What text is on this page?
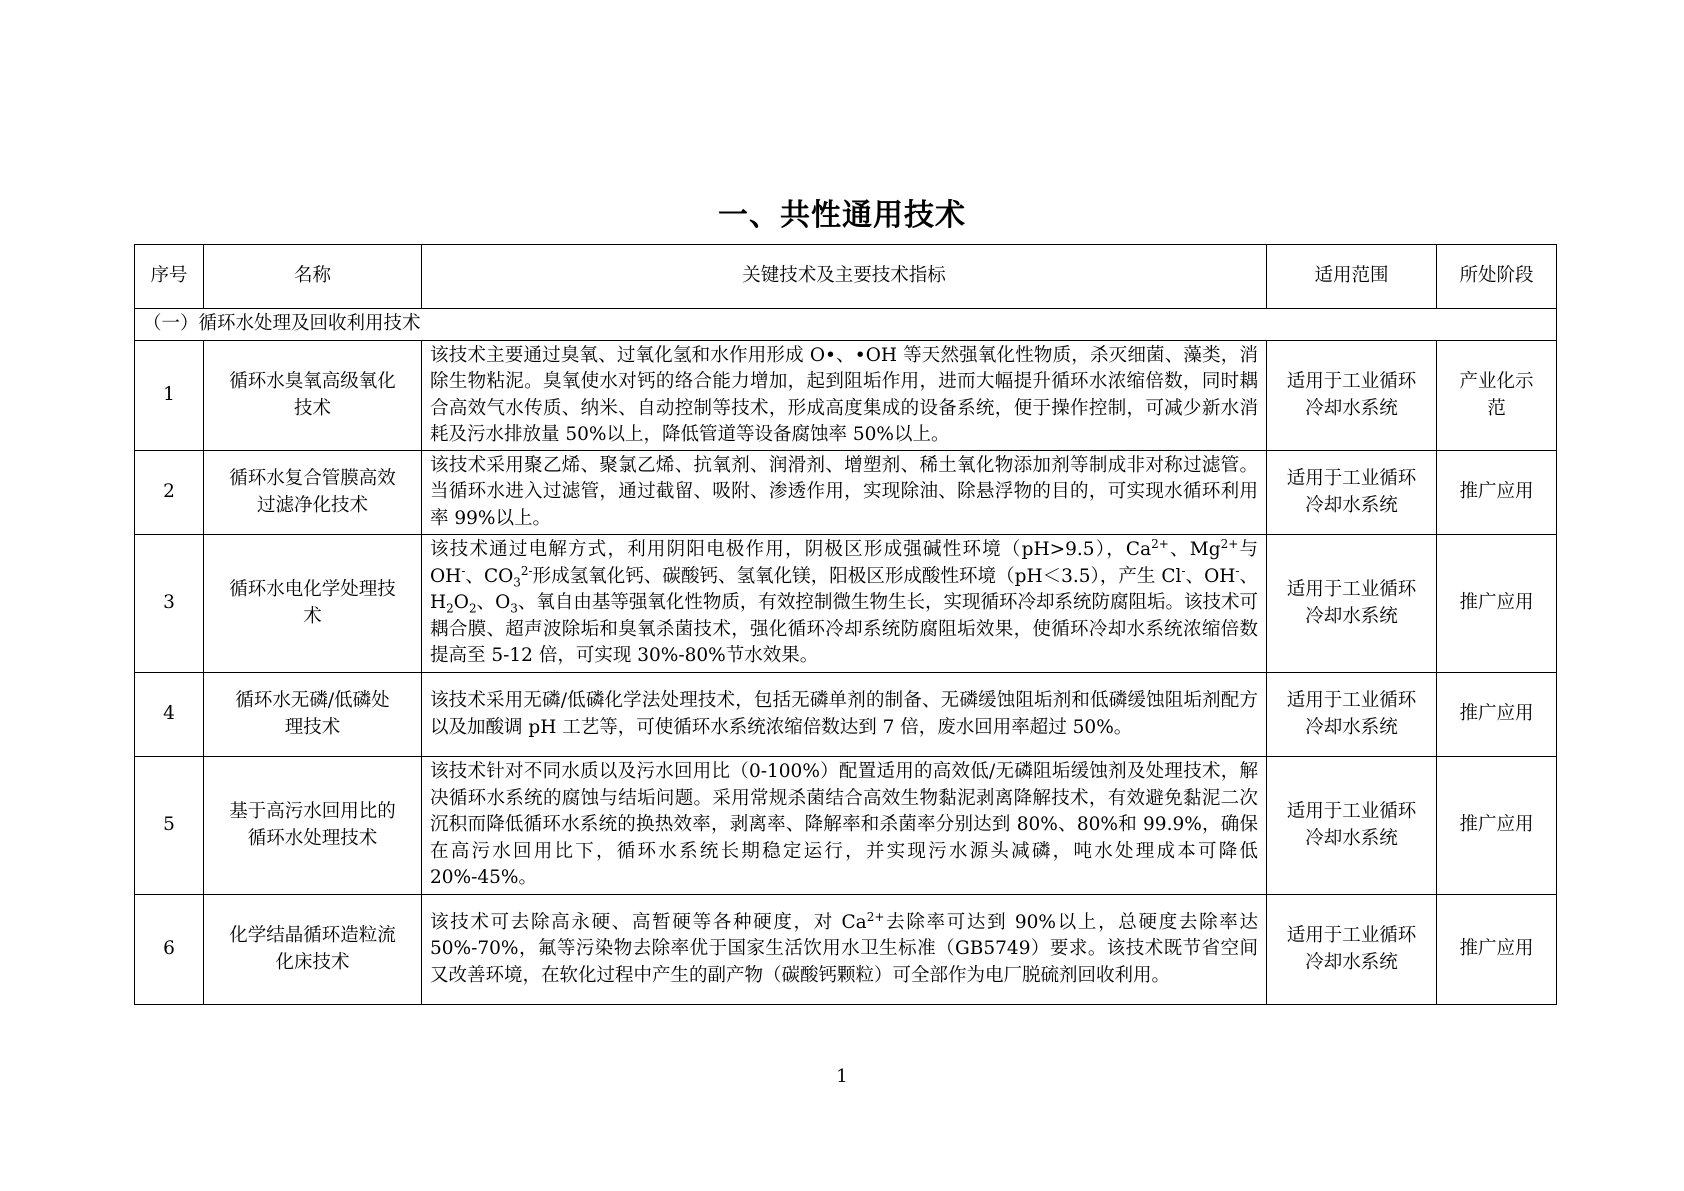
一、共性通用技术
序号	名称	关键技术及主要技术指标	适用范围	所处阶段
（一）循环水处理及回收利用技术				
1	循环水臭氧高级氧化技术	该技术主要通过臭氧、过氧化氢和水作用形成 O•、•OH 等天然强氧化性物质，杀灭细菌、藻类，消除生物粘泥。臭氧使水对钙的络合能力增加，起到阻垢作用，进而大幅提升循环水浓缩倍数，同时耦合高效气水传质、纳米、自动控制等技术，形成高度集成的设备系统，便于操作控制，可减少新水消耗及污水排放量 50%以上，降低管道等设备腐蚀率 50%以上。	适用于工业循环冷却水系统	产业化示范
2	循环水复合管膜高效过滤净化技术	该技术采用聚乙烯、聚氯乙烯、抗氧剂、润滑剂、增塑剂、稀土氧化物添加剂等制成非对称过滤管。当循环水进入过滤管，通过截留、吸附、渗透作用，实现除油、除悬浮物的目的，可实现水循环利用率 99%以上。	适用于工业循环冷却水系统	推广应用
3	循环水电化学处理技术	该技术通过电解方式，利用阴阳电极作用，阴极区形成强碱性环境（pH>9.5），$Ca^{2+}$、$Mg^{2+}$与 OH-、$CO_3^{2-}$形成氢氧化钙、碳酸钙、氢氧化镁，阳极区形成酸性环境（pH＜3.5），产生 Cl-、OH-、$H_2O_2$、$O_3$、氧自由基等强氧化性物质，有效控制微生物生长，实现循环冷却系统防腐阻垢。该技术可耦合膜、超声波除垢和臭氧杀菌技术，强化循环冷却系统防腐阻垢效果，使循环冷却水系统浓缩倍数提高至 5-12 倍，可实现 30%-80%节水效果。	适用于工业循环冷却水系统	推广应用
4	循环水无磷/低磷处理技术	该技术采用无磷/低磷化学法处理技术，包括无磷单剂的制备、无磷缓蚀阻垢剂和低磷缓蚀阻垢剂配方以及加酸调 pH 工艺等，可使循环水系统浓缩倍数达到 7 倍，废水回用率超过 50%。	适用于工业循环冷却水系统	推广应用
5	基于高污水回用比的循环水处理技术	该技术针对不同水质以及污水回用比（0-100%）配置适用的高效低/无磷阻垢缓蚀剂及处理技术，解决循环水系统的腐蚀与结垢问题。采用常规杀菌结合高效生物黏泥剥离降解技术，有效避免黏泥二次沉积而降低循环水系统的换热效率，剥离率、降解率和杀菌率分别达到 80%、80%和 99.9%，确保在高污水回用比下，循环水系统长期稳定运行，并实现污水源头减磷，吨水处理成本可降低 20%-45%。	适用于工业循环冷却水系统	推广应用
6	化学结晶循环造粒流化床技术	该技术可去除高永硬、高暂硬等各种硬度，对 $Ca^{2+}$去除率可达到 90%以上，总硬度去除率达 50%-70%，氟等污染物去除率优于国家生活饮用水卫生标准（GB5749）要求。该技术既节省空间又改善环境，在软化过程中产生的副产物（碳酸钙颗粒）可全部作为电厂脱硫剂回收利用。	适用于工业循环冷却水系统	推广应用
1
